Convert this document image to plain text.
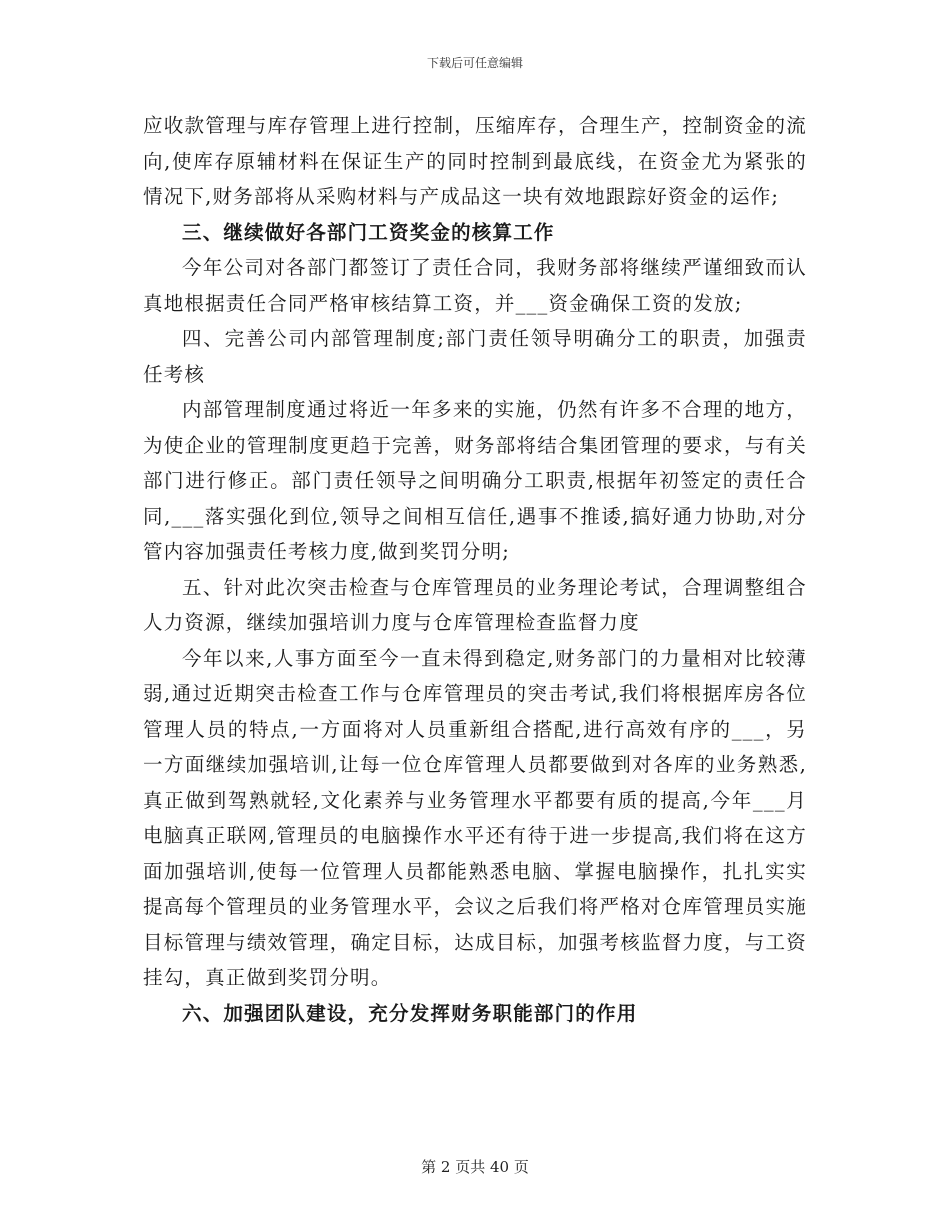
下载后可任意编辑

应收款管理与库存管理上进行控制，压缩库存，合理生产，控制资金的流向,使库存原辅材料在保证生产的同时控制到最底线，在资金尤为紧张的情况下,财务部将从采购材料与产成品这一块有效地跟踪好资金的运作;

三、继续做好各部门工资奖金的核算工作

今年公司对各部门都签订了责任合同，我财务部将继续严谨细致而认真地根据责任合同严格审核结算工资，并___资金确保工资的发放;

四、完善公司内部管理制度;部门责任领导明确分工的职责，加强责任考核

内部管理制度通过将近一年多来的实施，仍然有许多不合理的地方，为使企业的管理制度更趋于完善，财务部将结合集团管理的要求，与有关部门进行修正。部门责任领导之间明确分工职责,根据年初签定的责任合同,___落实强化到位,领导之间相互信任,遇事不推诿,搞好通力协助,对分管内容加强责任考核力度,做到奖罚分明;

五、针对此次突击检查与仓库管理员的业务理论考试，合理调整组合人力资源，继续加强培训力度与仓库管理检查监督力度

今年以来,人事方面至今一直未得到稳定,财务部门的力量相对比较薄弱,通过近期突击检查工作与仓库管理员的突击考试,我们将根据库房各位管理人员的特点,一方面将对人员重新组合搭配,进行高效有序的___，另一方面继续加强培训,让每一位仓库管理人员都要做到对各库的业务熟悉,真正做到驾熟就轻,文化素养与业务管理水平都要有质的提高,今年___月电脑真正联网,管理员的电脑操作水平还有待于进一步提高,我们将在这方面加强培训,使每一位管理人员都能熟悉电脑、掌握电脑操作，扎扎实实提高每个管理员的业务管理水平，会议之后我们将严格对仓库管理员实施目标管理与绩效管理，确定目标，达成目标，加强考核监督力度，与工资挂勾，真正做到奖罚分明。

六、加强团队建设，充分发挥财务职能部门的作用

第 2 页共 40 页
